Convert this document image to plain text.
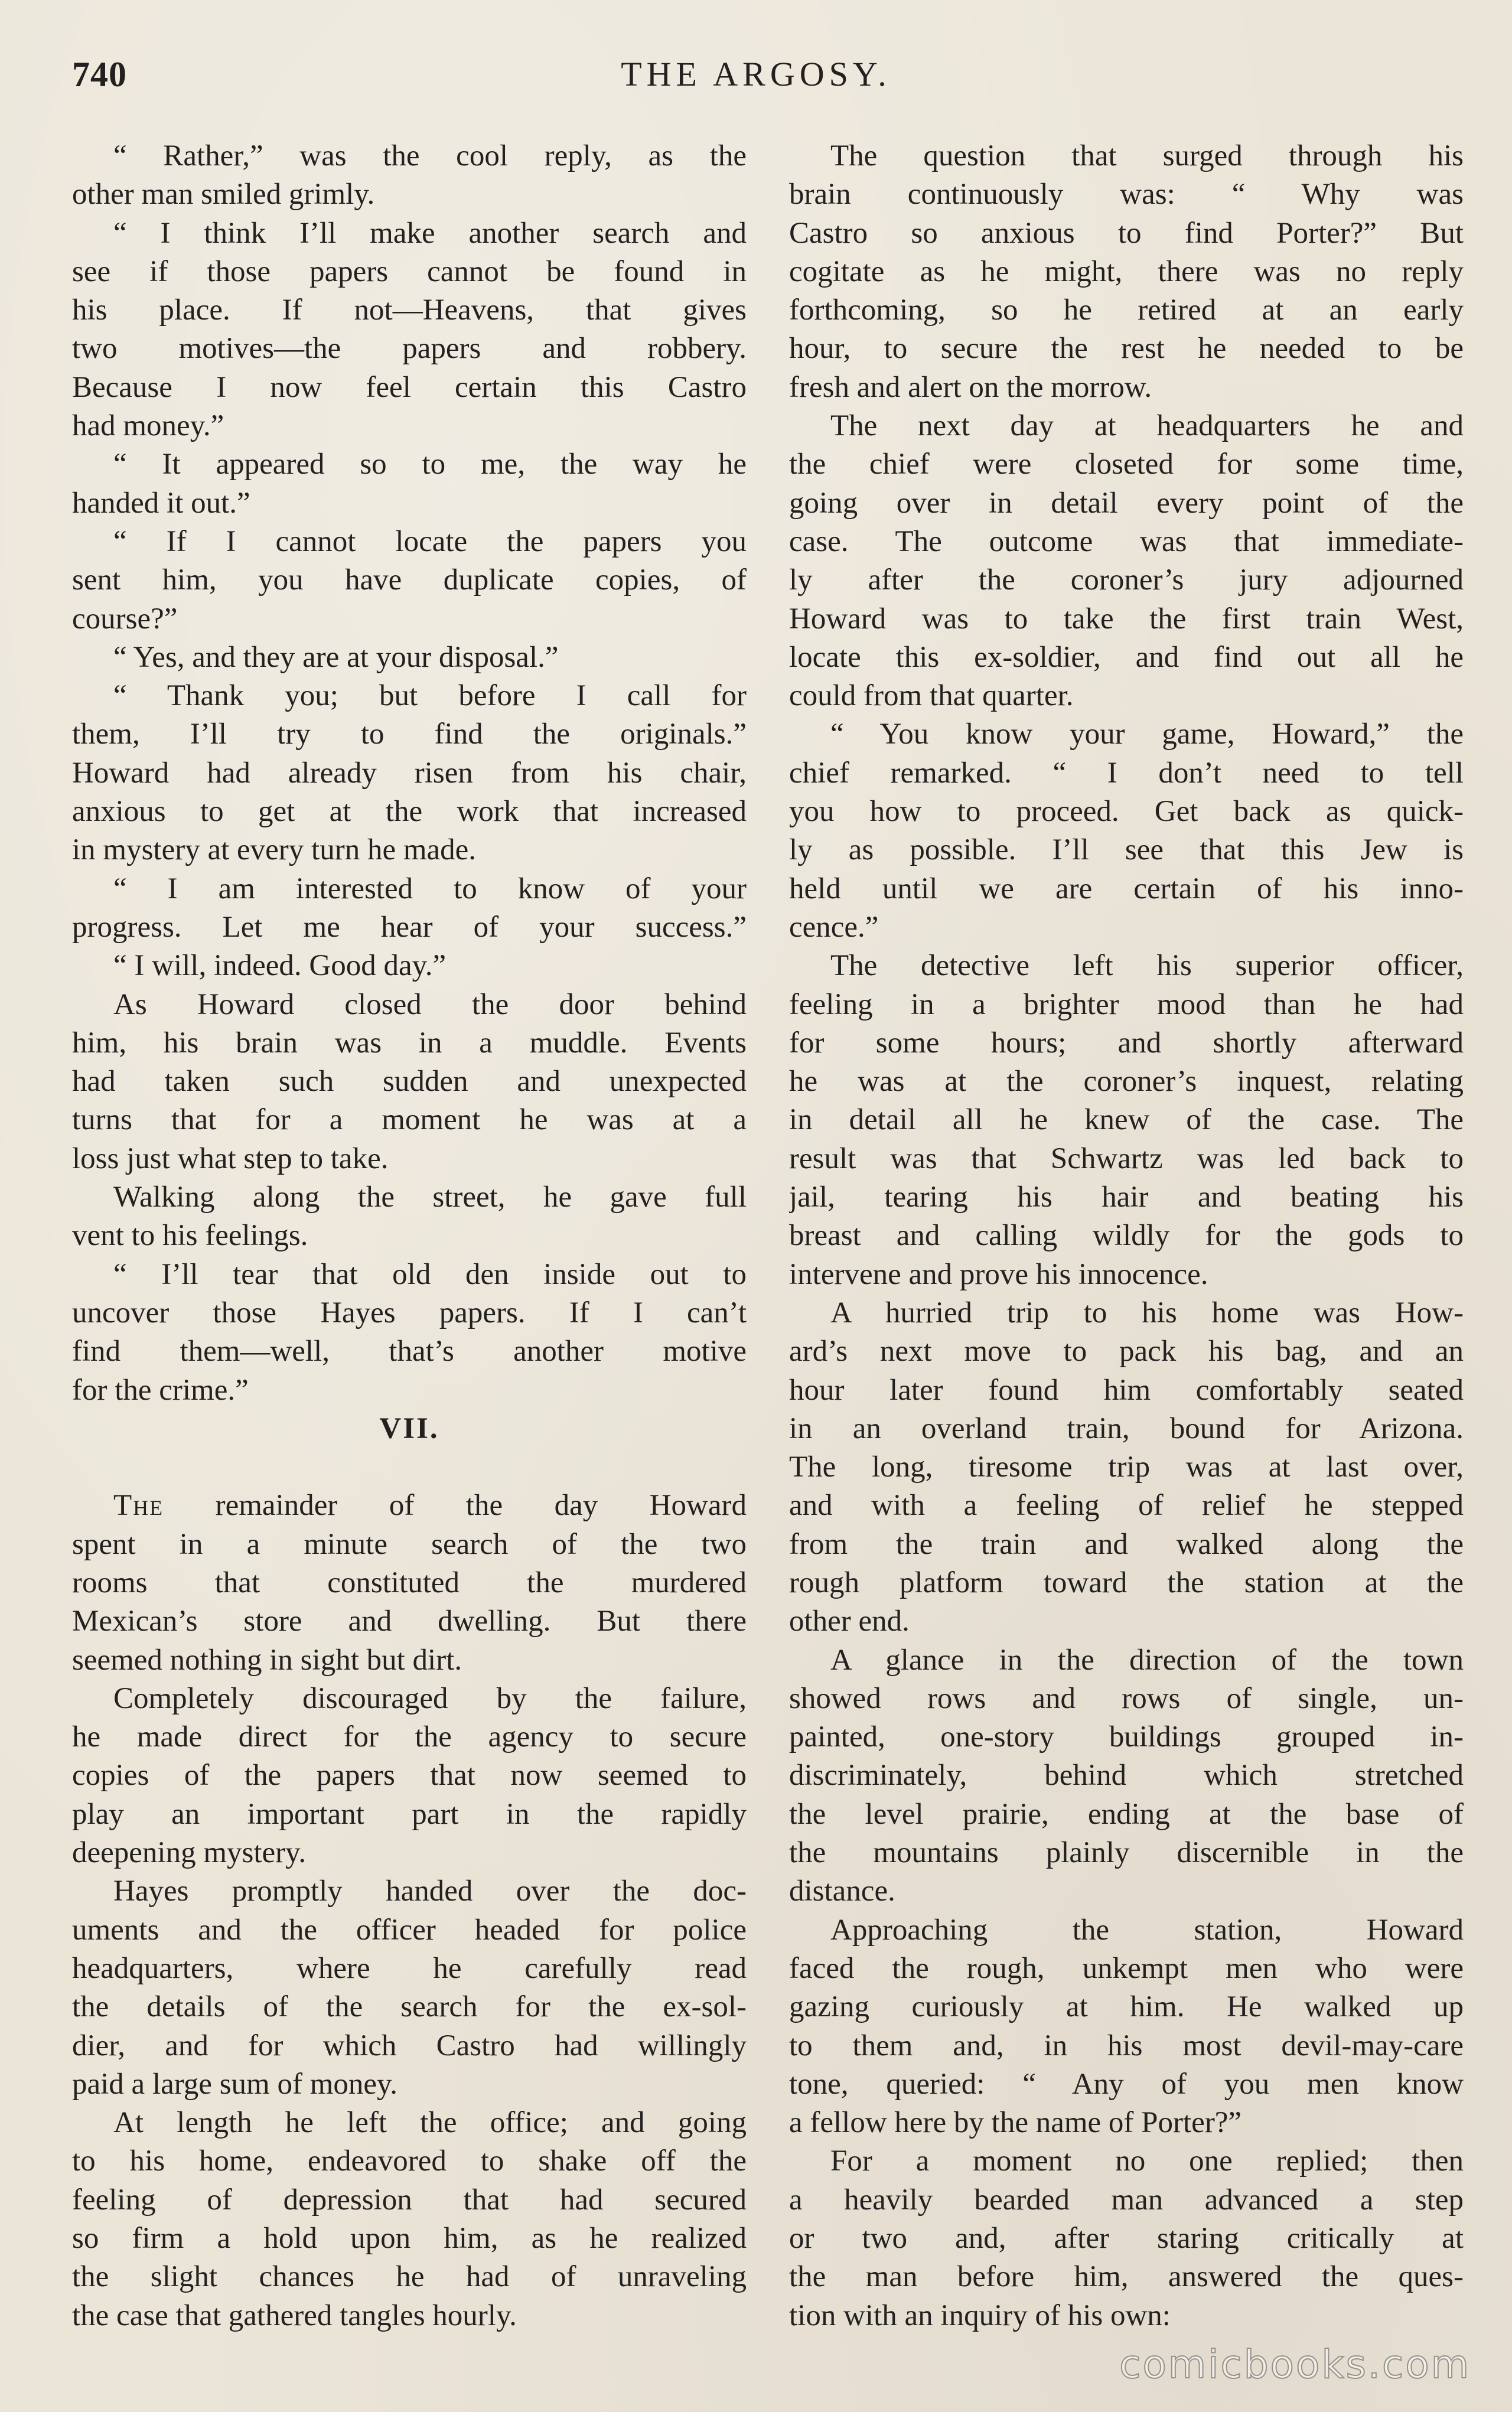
740	THE ARGOSY.
“ Rather,” was the cool reply, as the
other man smiled grimly.
“ I think I’ll make another search and
see if those papers cannot be found in
his place. If not—Heavens, that gives
two motives—the papers and robbery.
Because I now feel certain this Castro
had money.”
“ It appeared so to me, the way he
handed it out.”
“ If I cannot locate the papers you
sent him, you have duplicate copies, of
course?”
“ Yes, and they are at your disposal.”
“ Thank you; but before I call for
them, I’ll try to find the originals.”
Howard had already risen from his chair,
anxious to get at the work that increased
in mystery at every turn he made.
“ I am interested to know of your
progress. Let me hear of your success.”
“ I will, indeed. Good day.”
As Howard closed the door behind
him, his brain was in a muddle. Events
had taken such sudden and unexpected
turns that for a moment he was at a
loss just what step to take.
Walking along the street, he gave full
vent to his feelings.
“ I’ll tear that old den inside out to
uncover those Hayes papers. If I can’t
find them—well, that’s another motive
for the crime.”
VII.
The remainder of the day Howard
spent in a minute search of the two
rooms that constituted the murdered
Mexican’s store and dwelling. But there
seemed nothing in sight but dirt.
Completely discouraged by the failure,
he made direct for the agency to secure
copies of the papers that now seemed to
play an important part in the rapidly
deepening mystery.
Hayes promptly handed over the doc-
uments and the officer headed for police
headquarters, where he carefully read
the details of the search for the ex-sol-
dier, and for which Castro had willingly
paid a large sum of money.
At length he left the office; and going
to his home, endeavored to shake off the
feeling of depression that had secured
so firm a hold upon him, as he realized
the slight chances he had of unraveling
the case that gathered tangles hourly.
The question that surged through his
brain continuously was: “ Why was
Castro so anxious to find Porter?” But
cogitate as he might, there was no reply
forthcoming, so he retired at an early
hour, to secure the rest he needed to be
fresh and alert on the morrow.
The next day at headquarters he and
the chief were closeted for some time,
going over in detail every point of the
case. The outcome was that immediate-
ly after the coroner’s jury adjourned
Howard was to take the first train West,
locate this ex-soldier, and find out all he
could from that quarter.
“ You know your game, Howard,” the
chief remarked. “ I don’t need to tell
you how to proceed. Get back as quick-
ly as possible. I’ll see that this Jew is
held until we are certain of his inno-
cence.”
The detective left his superior officer,
feeling in a brighter mood than he had
for some hours; and shortly afterward
he was at the coroner’s inquest, relating
in detail all he knew of the case. The
result was that Schwartz was led back to
jail, tearing his hair and beating his
breast and calling wildly for the gods to
intervene and prove his innocence.
A hurried trip to his home was How-
ard’s next move to pack his bag, and an
hour later found him comfortably seated
in an overland train, bound for Arizona.
The long, tiresome trip was at last over,
and with a feeling of relief he stepped
from the train and walked along the
rough platform toward the station at the
other end.
A glance in the direction of the town
showed rows and rows of single, un-
painted, one-story buildings grouped in-
discriminately, behind which stretched
the level prairie, ending at the base of
the mountains plainly discernible in the
distance.
Approaching the station, Howard
faced the rough, unkempt men who were
gazing curiously at him. He walked up
to them and, in his most devil-may-care
tone, queried: “ Any of you men know
a fellow here by the name of Porter?”
For a moment no one replied; then
a heavily bearded man advanced a step
or two and, after staring critically at
the man before him, answered the ques-
tion with an inquiry of his own:
comicbooks.com
